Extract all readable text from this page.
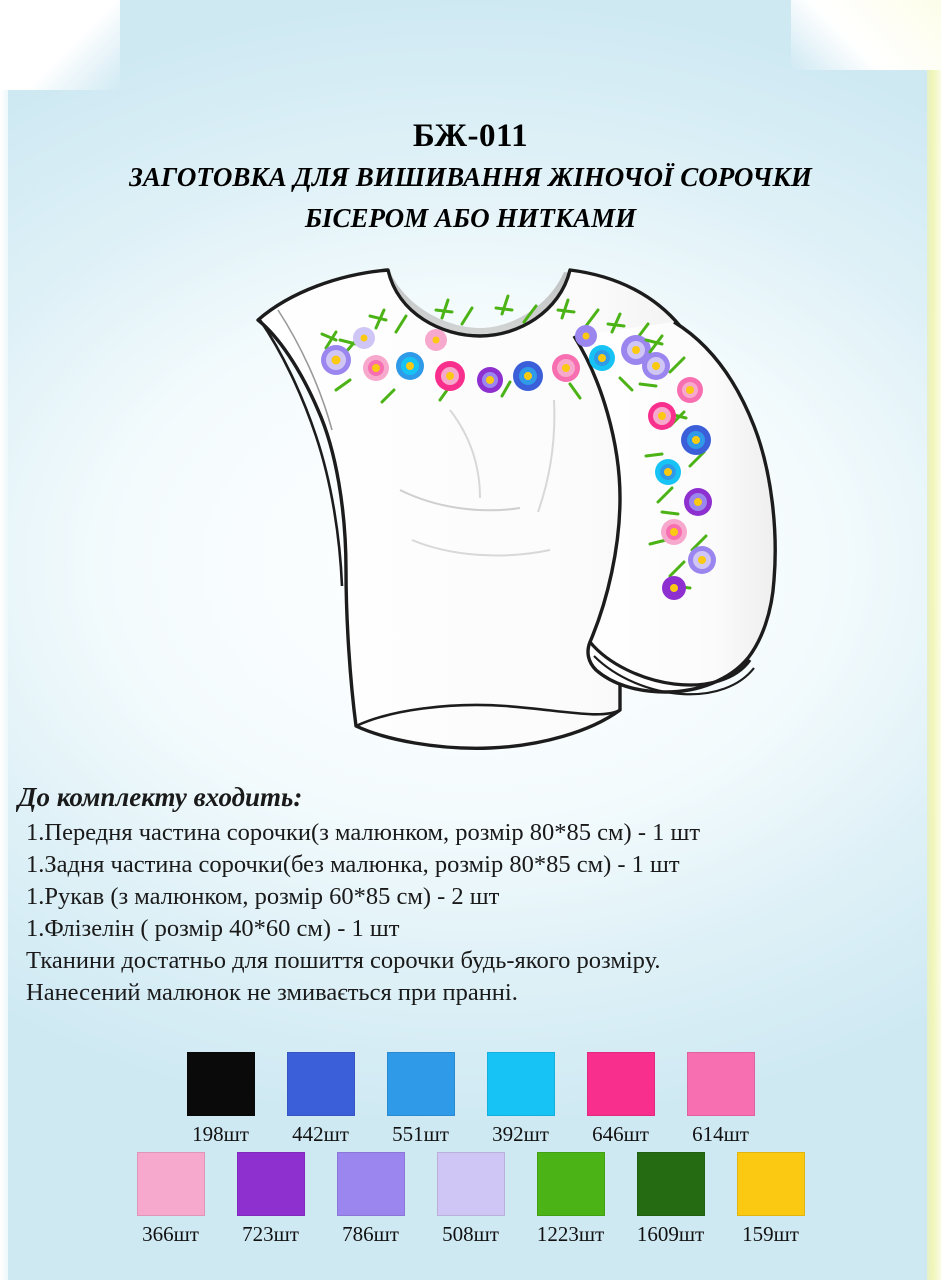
БЖ-011
ЗАГОТОВКА ДЛЯ ВИШИВАННЯ ЖІНОЧОЇ СОРОЧКИ
БІСЕРОМ АБО НИТКАМИ
До комплекту входить:
1.Передня частина сорочки(з малюнком, розмір 80*85 см) - 1 шт
1.Задня частина сорочки(без малюнка, розмір 80*85 см) - 1 шт
1.Рукав (з малюнком, розмір 60*85 см) - 2 шт
1.Флізелін ( розмір 40*60 см) - 1 шт
Тканини достатньо для пошиття сорочки будь-якого розміру.
Нанесений малюнок не змивається при пранні.
198шт	442шт	551шт	392шт	646шт	614шт
366шт	723шт	786шт	508шт	1223шт 1609шт	159шт
